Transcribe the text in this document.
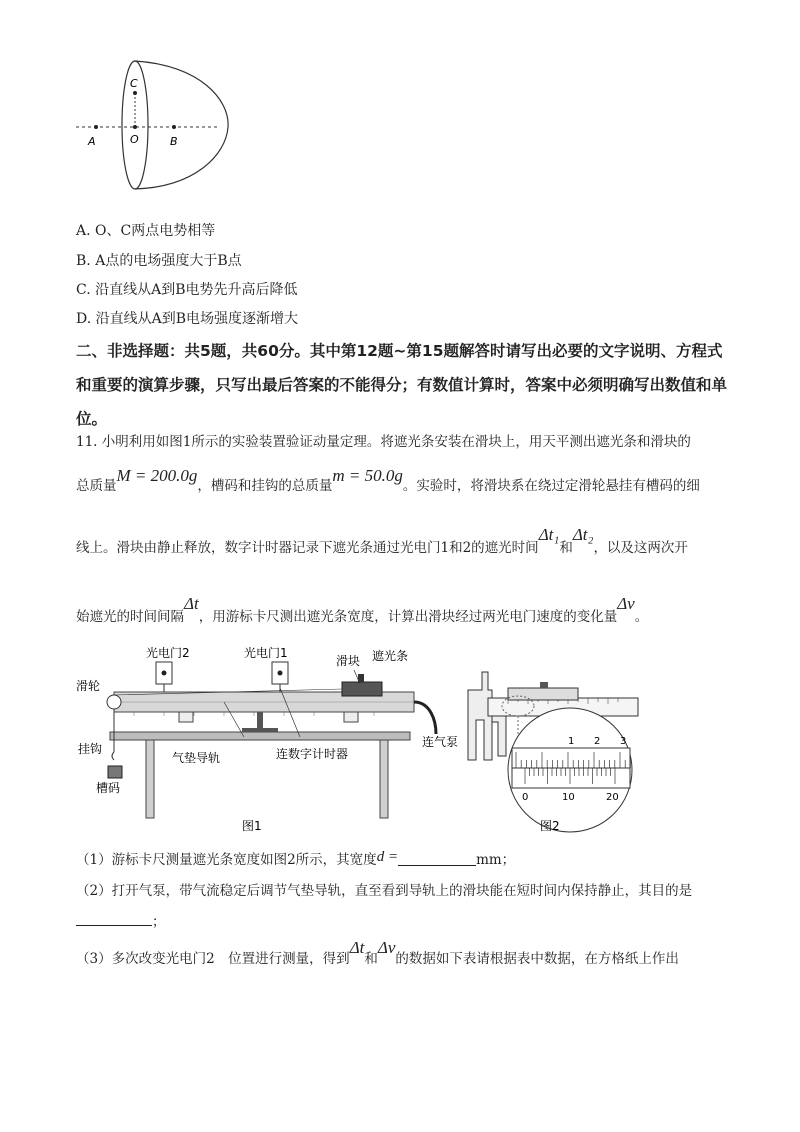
C
O
A	B
A. O、C两点电势相等
B. A点的电场强度大于B点
C. 沿直线从A到B电势先升高后降低
D. 沿直线从A到B电场强度逐渐增大
二、非选择题：共5题，共60分。其中第12题~第15题解答时请写出必要的文字说明、方程式和重要的演算步骤，只写出最后答案的不能得分；有数值计算时，答案中必须明确写出数值和单位。
11. 小明利用如图1所示的实验装置验证动量定理。将遮光条安装在滑块上，用天平测出遮光条和滑块的
总质量M = 200.0g，槽码和挂钩的总质量m = 50.0g。实验时，将滑块系在绕过定滑轮悬挂有槽码的细
线上。滑块由静止释放，数字计时器记录下遮光条通过光电门1和2的遮光时间Δt₁和Δt₂，以及这两次开
始遮光的时间间隔Δt，用游标卡尺测出遮光条宽度，计算出滑块经过两光电门速度的变化量Δv。
光电门2	光电门1
滑块 遮光条
滑轮
挂钩
槽码
气垫导轨	连数字计时器
连气泵
图1
1 2 3
0	10	20
图2
（1）游标卡尺测量遮光条宽度如图2所示，其宽度d =	mm；
（2）打开气泵，带气流稳定后调节气垫导轨，直至看到导轨上的滑块能在短时间内保持静止，其目的是
；
（3）多次改变光电门2　位置进行测量，得到Δt和Δv的数据如下表请根据表中数据，在方格纸上作出
